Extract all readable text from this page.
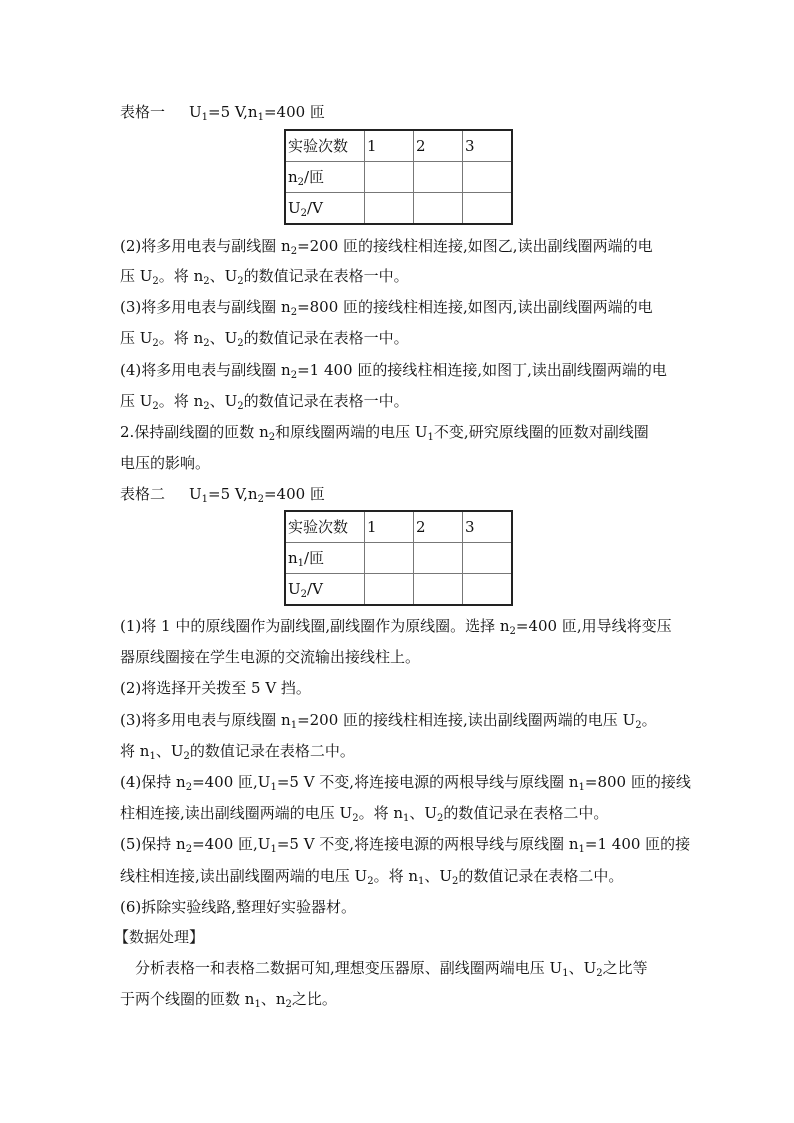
表格一 $U_1=5$ $V,n_1=400$ 匝
实验次数	1	2	3
$n_2/$匝			
$U_2/V$			
(2)将多用电表与副线圈 $n_2=200$ 匝的接线柱相连接,如图乙,读出副线圈两端的电
压 $U_2$。将 $n_2$、$U_2$的数值记录在表格一中。
(3)将多用电表与副线圈 $n_2=800$ 匝的接线柱相连接,如图丙,读出副线圈两端的电
压 $U_2$。将 $n_2$、$U_2$的数值记录在表格一中。
(4)将多用电表与副线圈 $n_2=1$ 400 匝的接线柱相连接,如图丁,读出副线圈两端的电
压 $U_2$。将 $n_2$、$U_2$的数值记录在表格一中。
2.保持副线圈的匝数 $n_2$和原线圈两端的电压 $U_1$不变,研究原线圈的匝数对副线圈
电压的影响。
表格二 $U_1=5$ $V,n_2=400$ 匝
实验次数	1	2	3
$n_1/$匝			
$U_2/V$			
(1)将 1 中的原线圈作为副线圈,副线圈作为原线圈。选择 $n_2=400$ 匝,用导线将变压
器原线圈接在学生电源的交流输出接线柱上。
(2)将选择开关拨至 5 V 挡。
(3)将多用电表与原线圈 $n_1=200$ 匝的接线柱相连接,读出副线圈两端的电压 $U_2$。
将 $n_1$、$U_2$的数值记录在表格二中。
(4)保持 $n_2=400$ 匝$,U_1=5$ V 不变,将连接电源的两根导线与原线圈 $n_1=800$ 匝的接线
柱相连接,读出副线圈两端的电压 $U_2$。将 $n_1$、$U_2$的数值记录在表格二中。
(5)保持 $n_2=400$ 匝$,U_1=5$ V 不变,将连接电源的两根导线与原线圈 $n_1=1$ 400 匝的接
线柱相连接,读出副线圈两端的电压 $U_2$。将 $n_1$、$U_2$的数值记录在表格二中。
(6)拆除实验线路,整理好实验器材。
【数据处理】
分析表格一和表格二数据可知,理想变压器原、副线圈两端电压 $U_1$、$U_2$之比等
于两个线圈的匝数 $n_1$、$n_2$之比。
